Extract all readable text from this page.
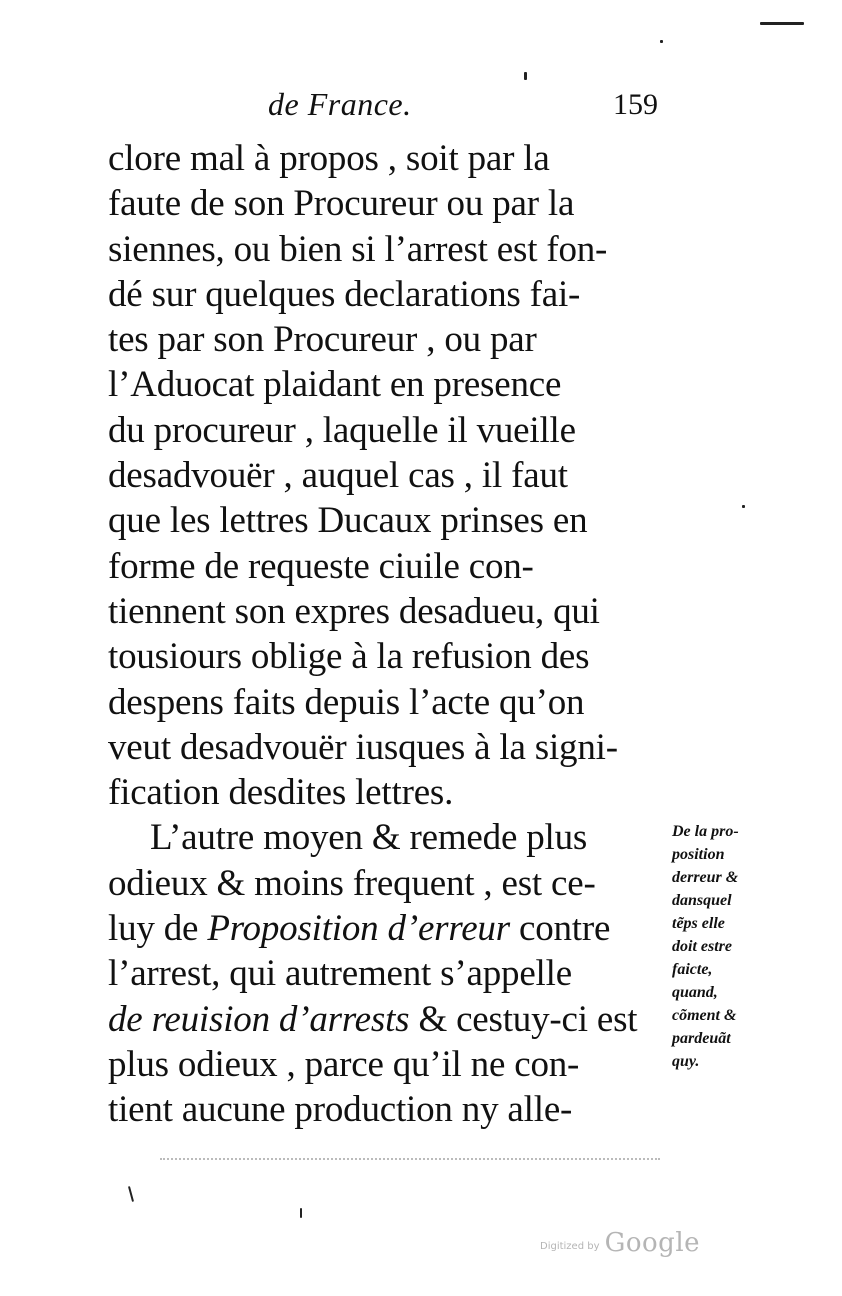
de France.	159
clore mal à propos , soit par la
faute de son Procureur ou par la
siennes, ou bien si l’arrest est fon-
dé sur quelques declarations fai-
tes par son Procureur , ou par
l’Aduocat plaidant en presence
du procureur , laquelle il vueille
desadvouër , auquel cas , il faut
que les lettres Ducaux prinses en
forme de requeste ciuile con-
tiennent son expres desadueu, qui
tousiours oblige à la refusion des
despens faits depuis l’acte qu’on
veut desadvouër iusques à la signi-
fication desdites lettres.
L’autre moyen & remede plus
odieux & moins frequent , est ce-
luy de Proposition d’erreur contre
l’arrest, qui autrement s’appelle
de reuision d’arrests & cestuy-ci est
plus odieux , parce qu’il ne con-
tient aucune production ny alle-
De la pro-
position
derreur &
dansquel
tẽps elle
doit estre
faicte,
quand,
cõment &
pardeuãt
quy.
Digitized by Google
